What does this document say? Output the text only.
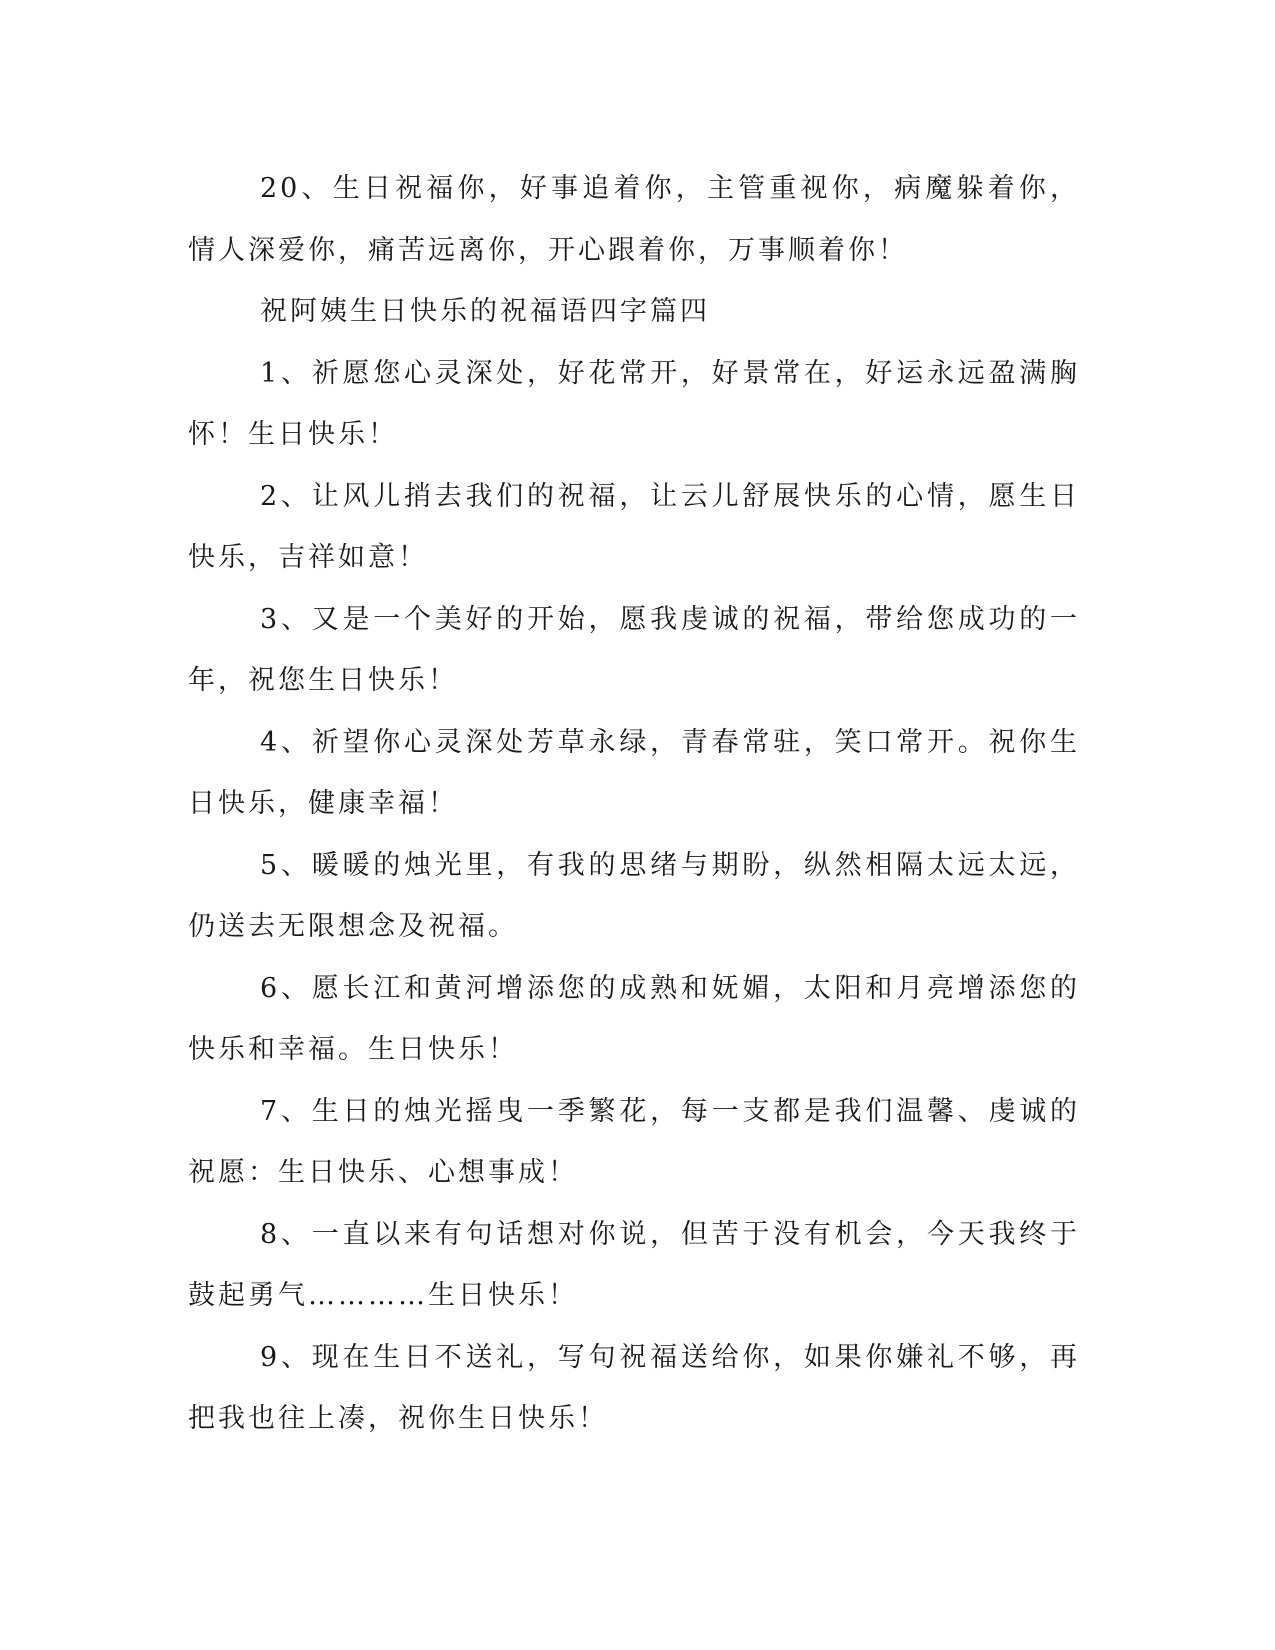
20、生日祝福你，好事追着你，主管重视你，病魔躲着你，情人深爱你，痛苦远离你，开心跟着你，万事顺着你！

祝阿姨生日快乐的祝福语四字篇四

1、祈愿您心灵深处，好花常开，好景常在，好运永远盈满胸怀！生日快乐！

2、让风儿捎去我们的祝福，让云儿舒展快乐的心情，愿生日快乐，吉祥如意！

3、又是一个美好的开始，愿我虔诚的祝福，带给您成功的一年，祝您生日快乐！

4、祈望你心灵深处芳草永绿，青春常驻，笑口常开。祝你生日快乐，健康幸福！

5、暖暖的烛光里，有我的思绪与期盼，纵然相隔太远太远，仍送去无限想念及祝福。

6、愿长江和黄河增添您的成熟和妩媚，太阳和月亮增添您的快乐和幸福。生日快乐！

7、生日的烛光摇曳一季繁花，每一支都是我们温馨、虔诚的祝愿：生日快乐、心想事成！

8、一直以来有句话想对你说，但苦于没有机会，今天我终于鼓起勇气…………生日快乐！

9、现在生日不送礼，写句祝福送给你，如果你嫌礼不够，再把我也往上凑，祝你生日快乐！
